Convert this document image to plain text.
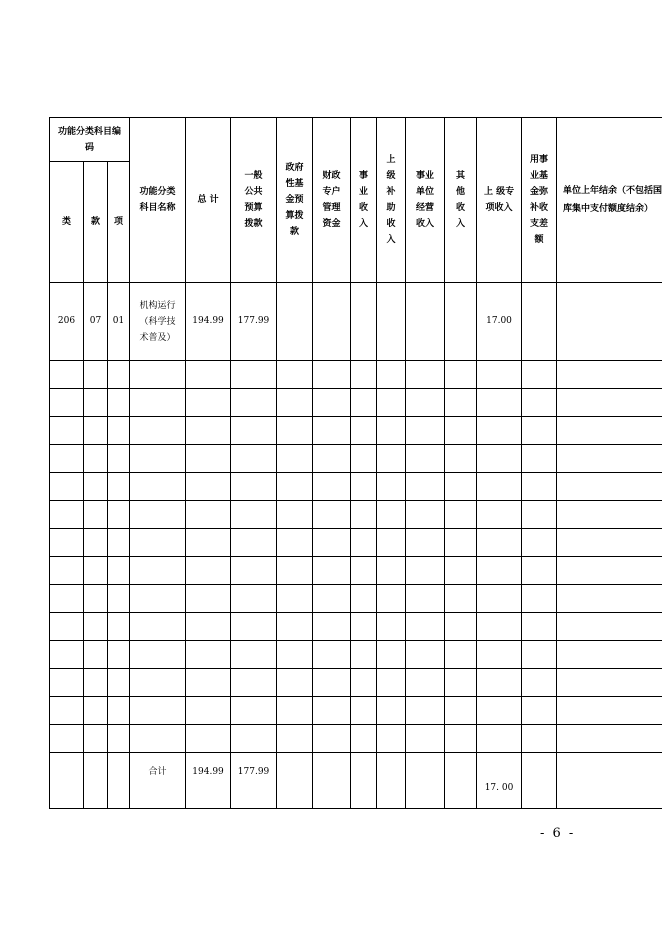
功能分类科目编码			功能分类科目名称	总 计	一般公共预算拨款	政府性基金预算拨款	财政专户管理资金	事业收入	上级补助收入	事业单位经营收入	其他收入	上 级专 项收入	用事业基金弥补收支差额	单位上年结余（不包括国库集中支付额度结余）
类	款	项												
206	07	01	机构运行（科学技术普及）	194.99	177.99							17.00		

			合计	194.99	177.99							17. 00		
- 6 -
